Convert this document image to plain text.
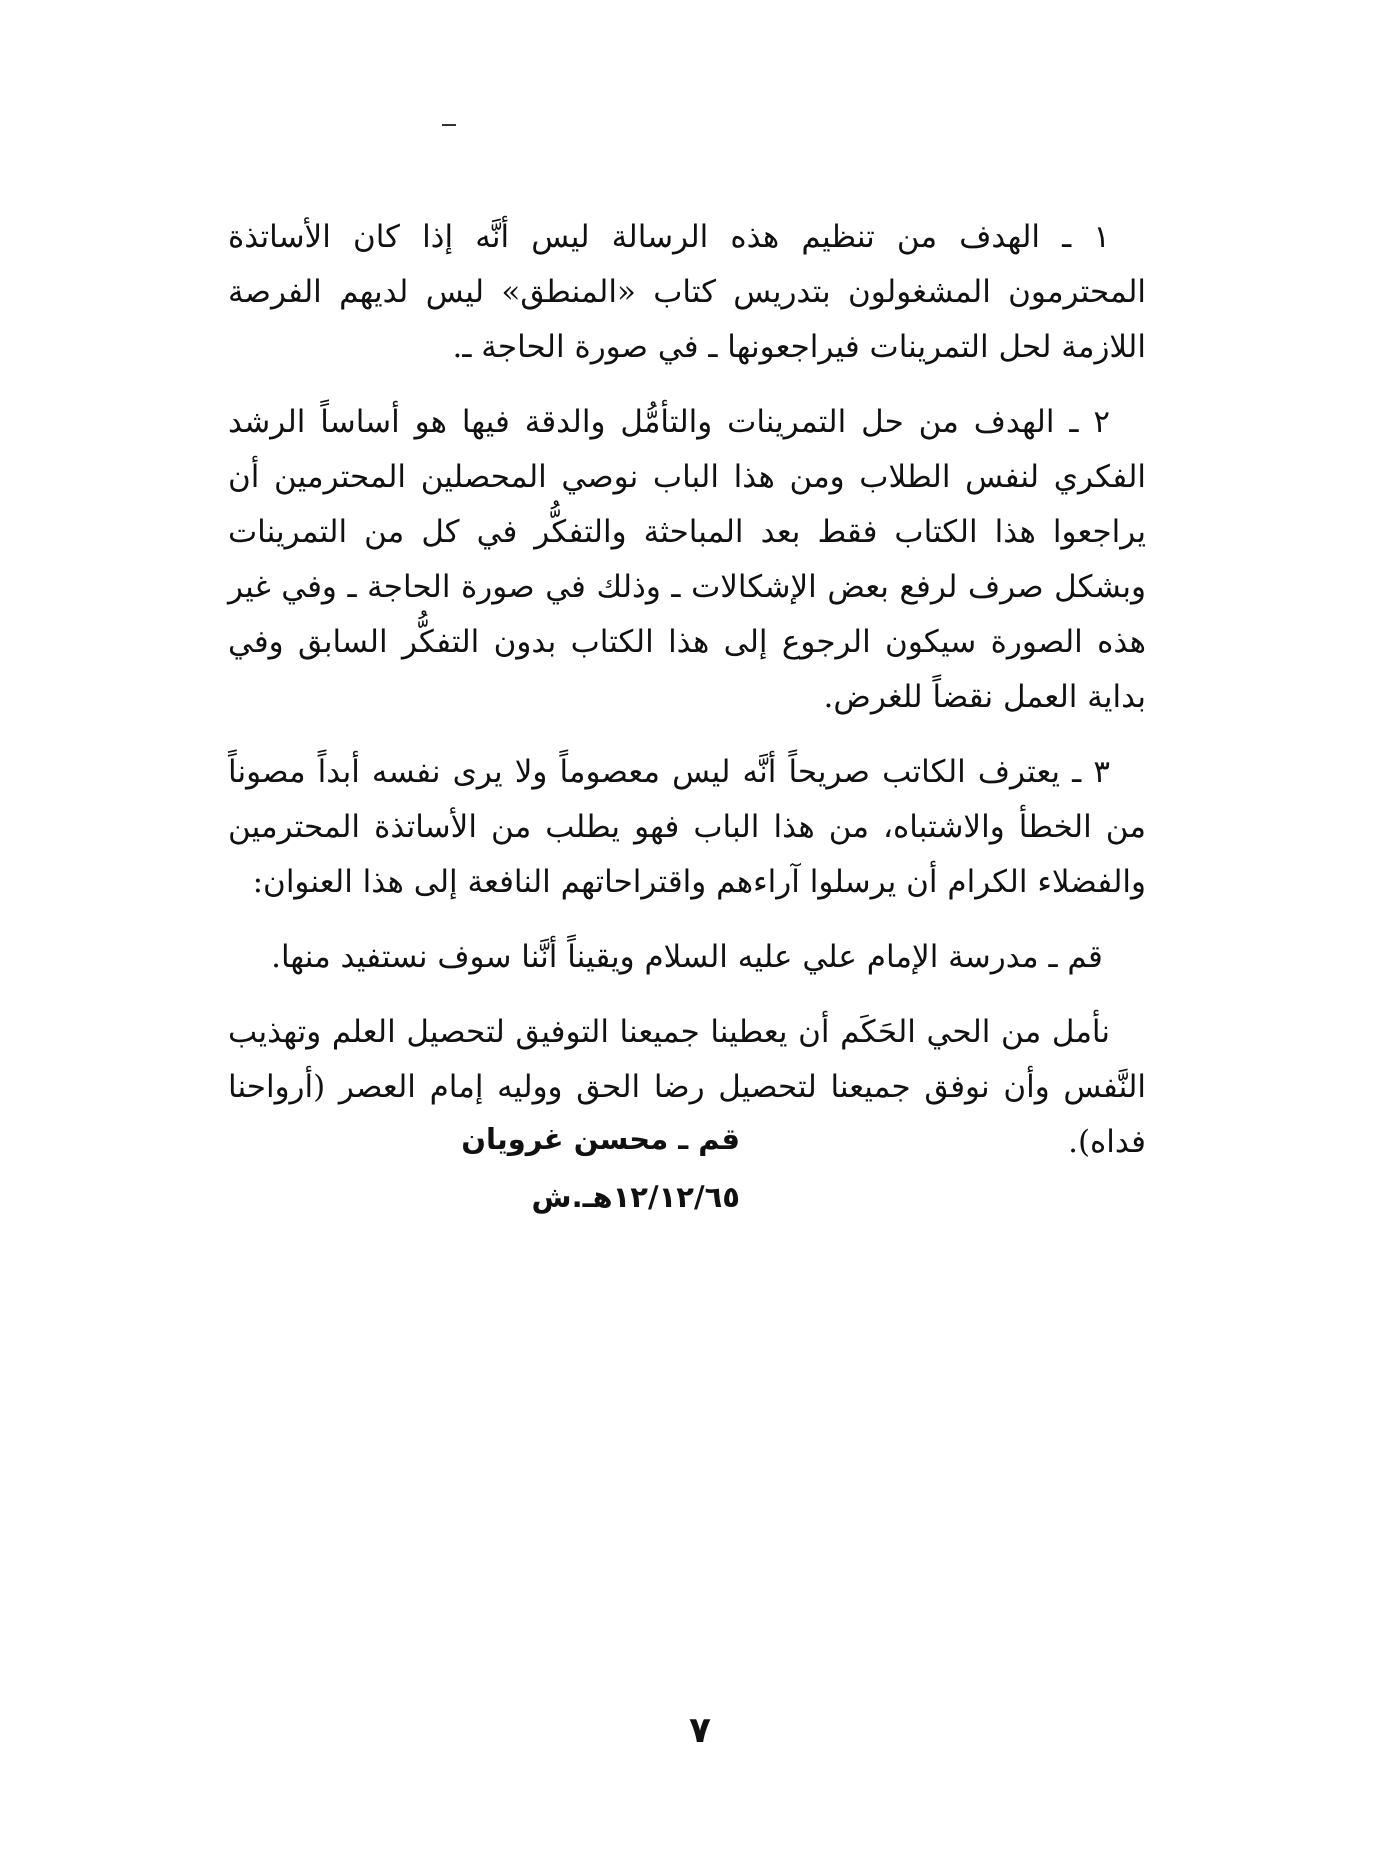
١ ـ الهدف من تنظيم هذه الرسالة ليس أنَّه إذا كان الأساتذة المحترمون المشغولون بتدريس كتاب «المنطق» ليس لديهم الفرصة اللازمة لحل التمرينات فيراجعونها ـ في صورة الحاجة ـ.

٢ ـ الهدف من حل التمرينات والتأمُّل والدقة فيها هو أساساً الرشد الفكري لنفس الطلاب ومن هذا الباب نوصي المحصلين المحترمين أن يراجعوا هذا الكتاب فقط بعد المباحثة والتفكُّر في كل من التمرينات وبشكل صرف لرفع بعض الإشكالات ـ وذلك في صورة الحاجة ـ وفي غير هذه الصورة سيكون الرجوع إلى هذا الكتاب بدون التفكُّر السابق وفي بداية العمل نقضاً للغرض.

٣ ـ يعترف الكاتب صريحاً أنَّه ليس معصوماً ولا يرى نفسه أبداً مصوناً من الخطأ والاشتباه، من هذا الباب فهو يطلب من الأساتذة المحترمين والفضلاء الكرام أن يرسلوا آراءهم واقتراحاتهم النافعة إلى هذا العنوان:

قم ـ مدرسة الإمام علي عليه السلام ويقيناً أنَّنا سوف نستفيد منها.

نأمل من الحي الحَكَم أن يعطينا جميعنا التوفيق لتحصيل العلم وتهذيب النَّفس وأن نوفق جميعنا لتحصيل رضا الحق ووليه إمام العصر (أرواحنا فداه).

قم ـ محسن غرويان
١٢/١٢/٦٥هـ.ش
٧
